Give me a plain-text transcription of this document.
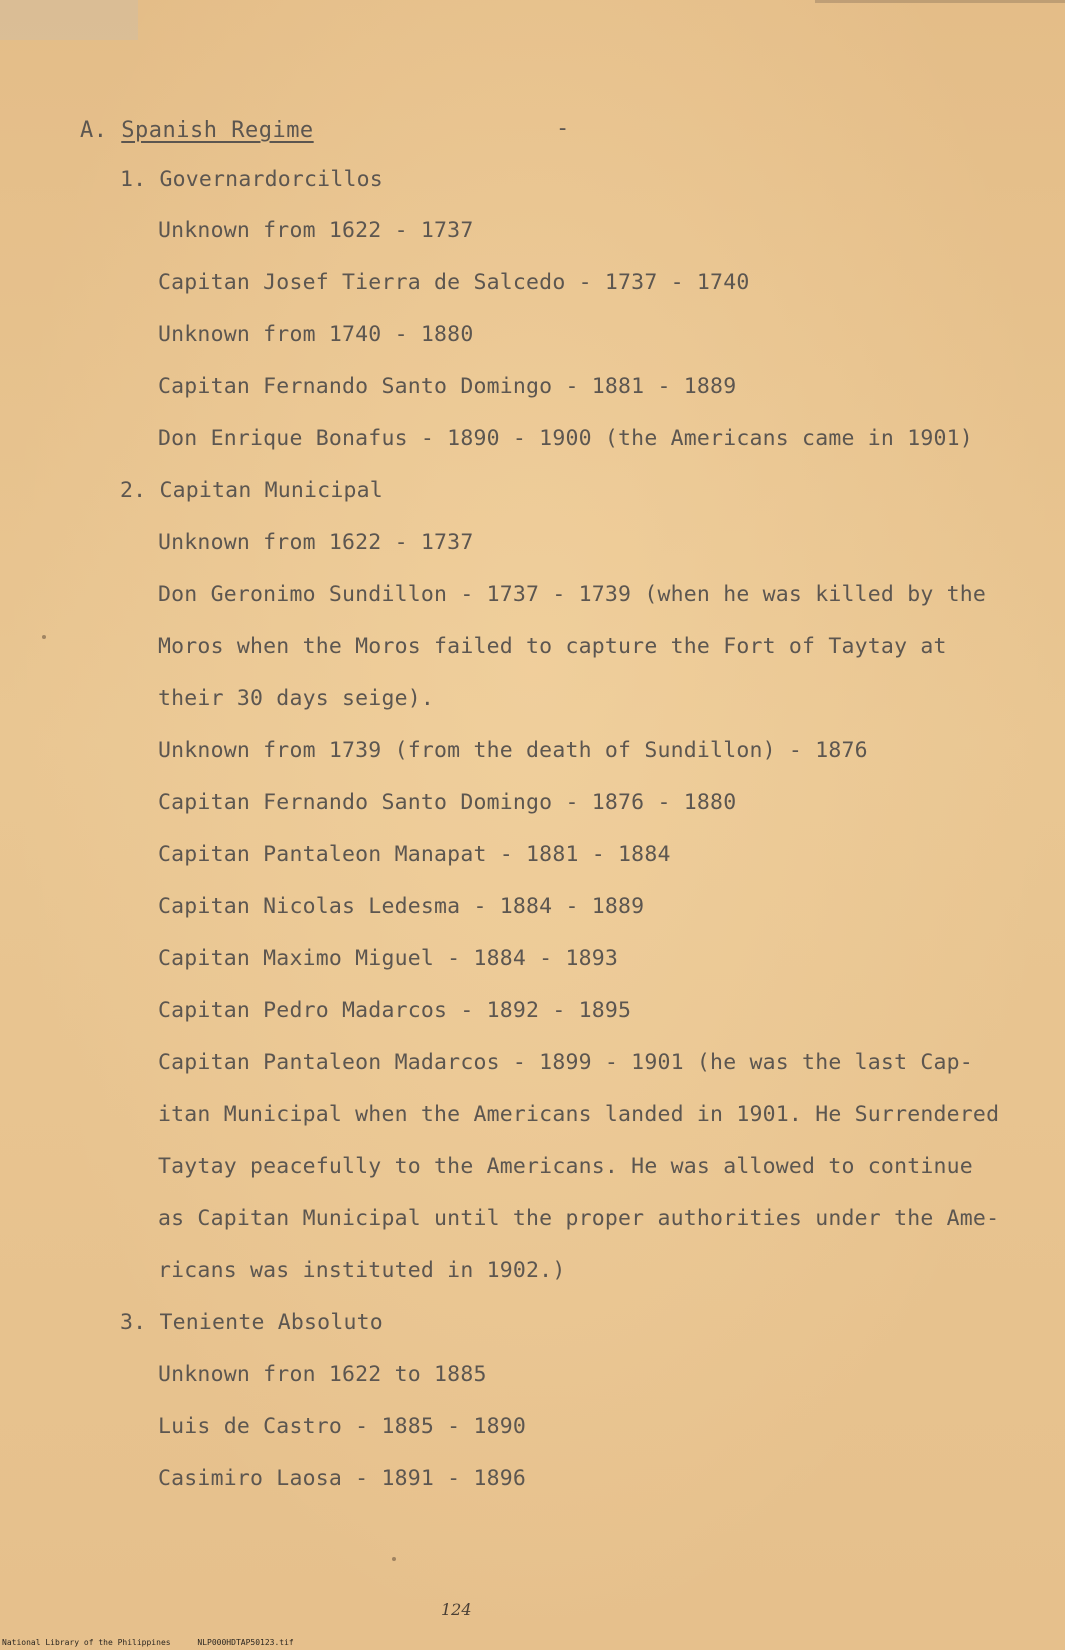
A. Spanish Regime	-
1. Governardorcillos
Unknown from 1622 - 1737
Capitan Josef Tierra de Salcedo - 1737 - 1740
Unknown from 1740 - 1880
Capitan Fernando Santo Domingo - 1881 - 1889
Don Enrique Bonafus - 1890 - 1900 (the Americans came in 1901)
2. Capitan Municipal
Unknown from 1622 - 1737
Don Geronimo Sundillon - 1737 - 1739 (when he was killed by the
Moros when the Moros failed to capture the Fort of Taytay at
their 30 days seige).
Unknown from 1739 (from the death of Sundillon) - 1876
Capitan Fernando Santo Domingo - 1876 - 1880
Capitan Pantaleon Manapat - 1881 - 1884
Capitan Nicolas Ledesma - 1884 - 1889
Capitan Maximo Miguel - 1884 - 1893
Capitan Pedro Madarcos - 1892 - 1895
Capitan Pantaleon Madarcos - 1899 - 1901 (he was the last Cap-
itan Municipal when the Americans landed in 1901. He Surrendered
Taytay peacefully to the Americans. He was allowed to continue
as Capitan Municipal until the proper authorities under the Ame-
ricans was instituted in 1902.)
3. Teniente Absoluto
Unknown fron 1622 to 1885
Luis de Castro - 1885 - 1890
Casimiro Laosa - 1891 - 1896
124
National Library of the Philippines	NLP000HDTAP50123.tif
